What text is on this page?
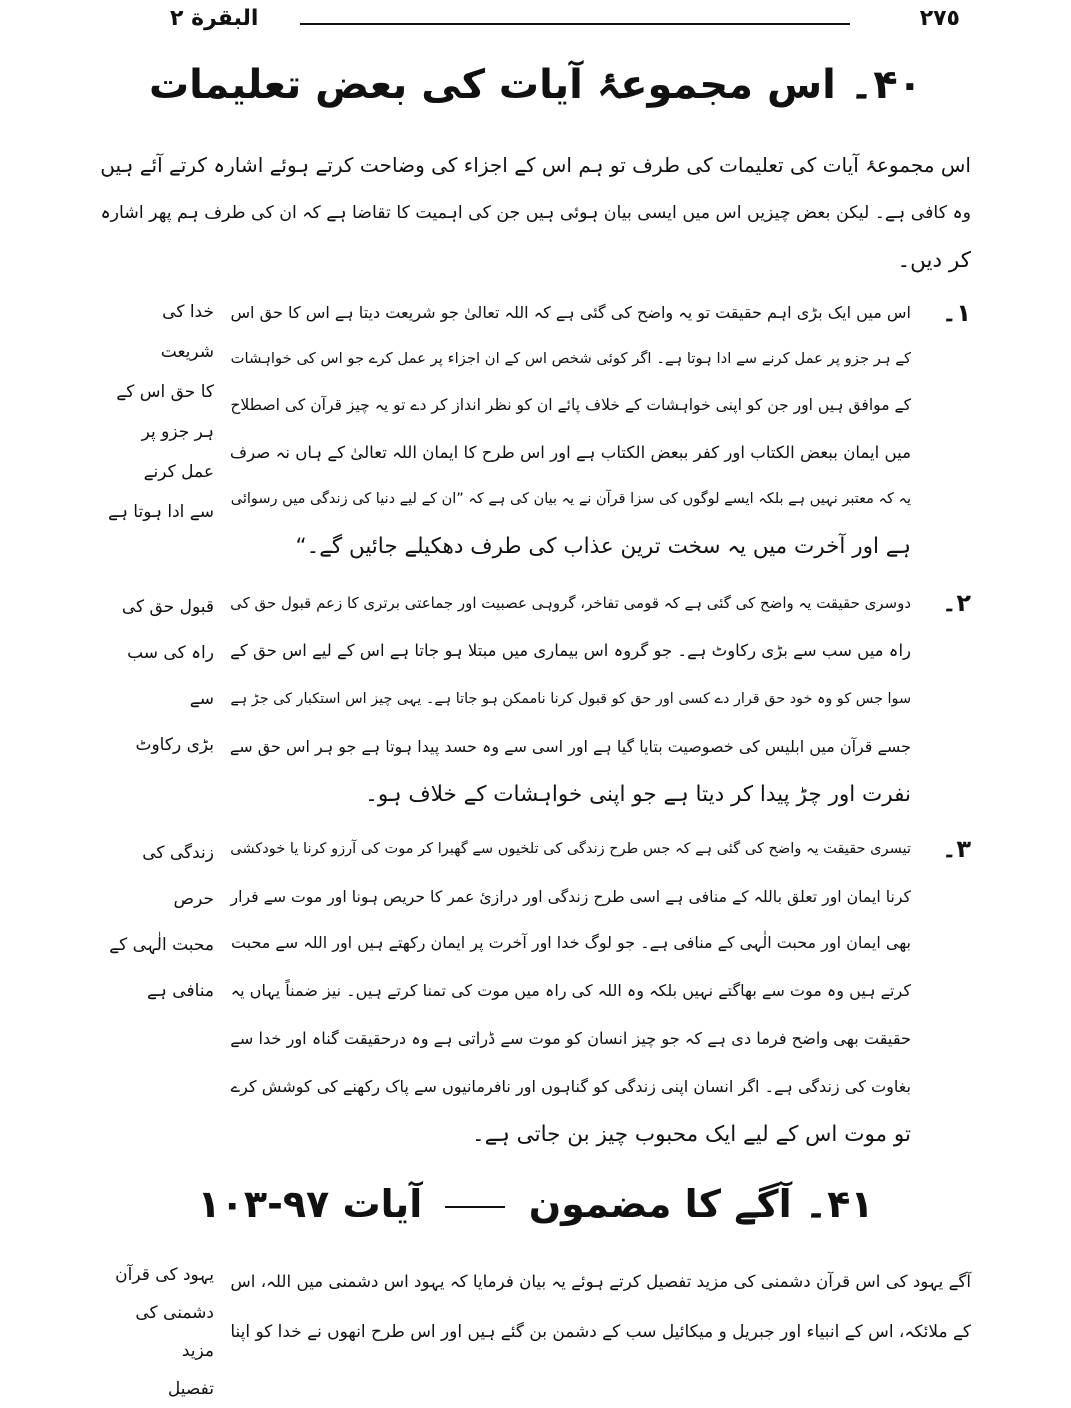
البقرة ٢	٢٧٥
۴۰۔ اس مجموعۂ آیات کی بعض تعلیمات
اس مجموعۂ آیات کی تعلیمات کی طرف تو ہم اس کے اجزاء کی وضاحت کرتے ہوئے اشارہ کرتے آئے ہیں
وہ کافی ہے۔ لیکن بعض چیزیں اس میں ایسی بیان ہوئی ہیں جن کی اہمیت کا تقاضا ہے کہ ان کی طرف ہم پھر اشارہ
کر دیں۔
۱۔
اس میں ایک بڑی اہم حقیقت تو یہ واضح کی گئی ہے کہ اللہ تعالیٰ جو شریعت دیتا ہے اس کا حق اس
کے ہر جزو پر عمل کرنے سے ادا ہوتا ہے۔ اگر کوئی شخص اس کے ان اجزاء پر عمل کرے جو اس کی خواہشات
کے موافق ہیں اور جن کو اپنی خواہشات کے خلاف پائے ان کو نظر انداز کر دے تو یہ چیز قرآن کی اصطلاح
میں ایمان ببعض الکتاب اور کفر ببعض الکتاب ہے اور اس طرح کا ایمان اللہ تعالیٰ کے ہاں نہ صرف
یہ کہ معتبر نہیں ہے بلکہ ایسے لوگوں کی سزا قرآن نے یہ بیان کی ہے کہ ”ان کے لیے دنیا کی زندگی میں رسوائی
ہے اور آخرت میں یہ سخت ترین عذاب کی طرف دھکیلے جائیں گے۔“
خدا کی شریعت
کا حق اس کے
ہر جزو پر عمل کرنے
سے ادا ہوتا ہے
۲۔
دوسری حقیقت یہ واضح کی گئی ہے کہ قومی تفاخر، گروہی عصبیت اور جماعتی برتری کا زعم قبول حق کی
راہ میں سب سے بڑی رکاوٹ ہے۔ جو گروہ اس بیماری میں مبتلا ہو جاتا ہے اس کے لیے اس حق کے
سوا جس کو وہ خود حق قرار دے کسی اور حق کو قبول کرنا ناممکن ہو جاتا ہے۔ یہی چیز اس استکبار کی جڑ ہے
جسے قرآن میں ابلیس کی خصوصیت بتایا گیا ہے اور اسی سے وہ حسد پیدا ہوتا ہے جو ہر اس حق سے
نفرت اور چڑ پیدا کر دیتا ہے جو اپنی خواہشات کے خلاف ہو۔
قبول حق کی
راہ کی سب سے
بڑی رکاوٹ
۳۔
تیسری حقیقت یہ واضح کی گئی ہے کہ جس طرح زندگی کی تلخیوں سے گھبرا کر موت کی آرزو کرنا یا خودکشی
کرنا ایمان اور تعلق باللہ کے منافی ہے اسی طرح زندگی اور درازئ عمر کا حریص ہونا اور موت سے فرار
بھی ایمان اور محبت الٰہی کے منافی ہے۔ جو لوگ خدا اور آخرت پر ایمان رکھتے ہیں اور اللہ سے محبت
کرتے ہیں وہ موت سے بھاگتے نہیں بلکہ وہ اللہ کی راہ میں موت کی تمنا کرتے ہیں۔ نیز ضمناً یہاں یہ
حقیقت بھی واضح فرما دی ہے کہ جو چیز انسان کو موت سے ڈراتی ہے وہ درحقیقت گناہ اور خدا سے
بغاوت کی زندگی ہے۔ اگر انسان اپنی زندگی کو گناہوں اور نافرمانیوں سے پاک رکھنے کی کوشش کرے
تو موت اس کے لیے ایک محبوب چیز بن جاتی ہے۔
زندگی کی حرص
محبت الٰہی کے
منافی ہے
۴۱۔ آگے کا مضمون  آیات ۹۷-۱۰۳
آگے یہود کی اس قرآن دشمنی کی مزید تفصیل کرتے ہوئے یہ بیان فرمایا کہ یہود اس دشمنی میں اللہ، اس
کے ملائکہ، اس کے انبیاء اور جبریل و میکائیل سب کے دشمن بن گئے ہیں اور اس طرح انھوں نے خدا کو اپنا
یہود کی قرآن
دشمنی کی مزید
تفصیل
